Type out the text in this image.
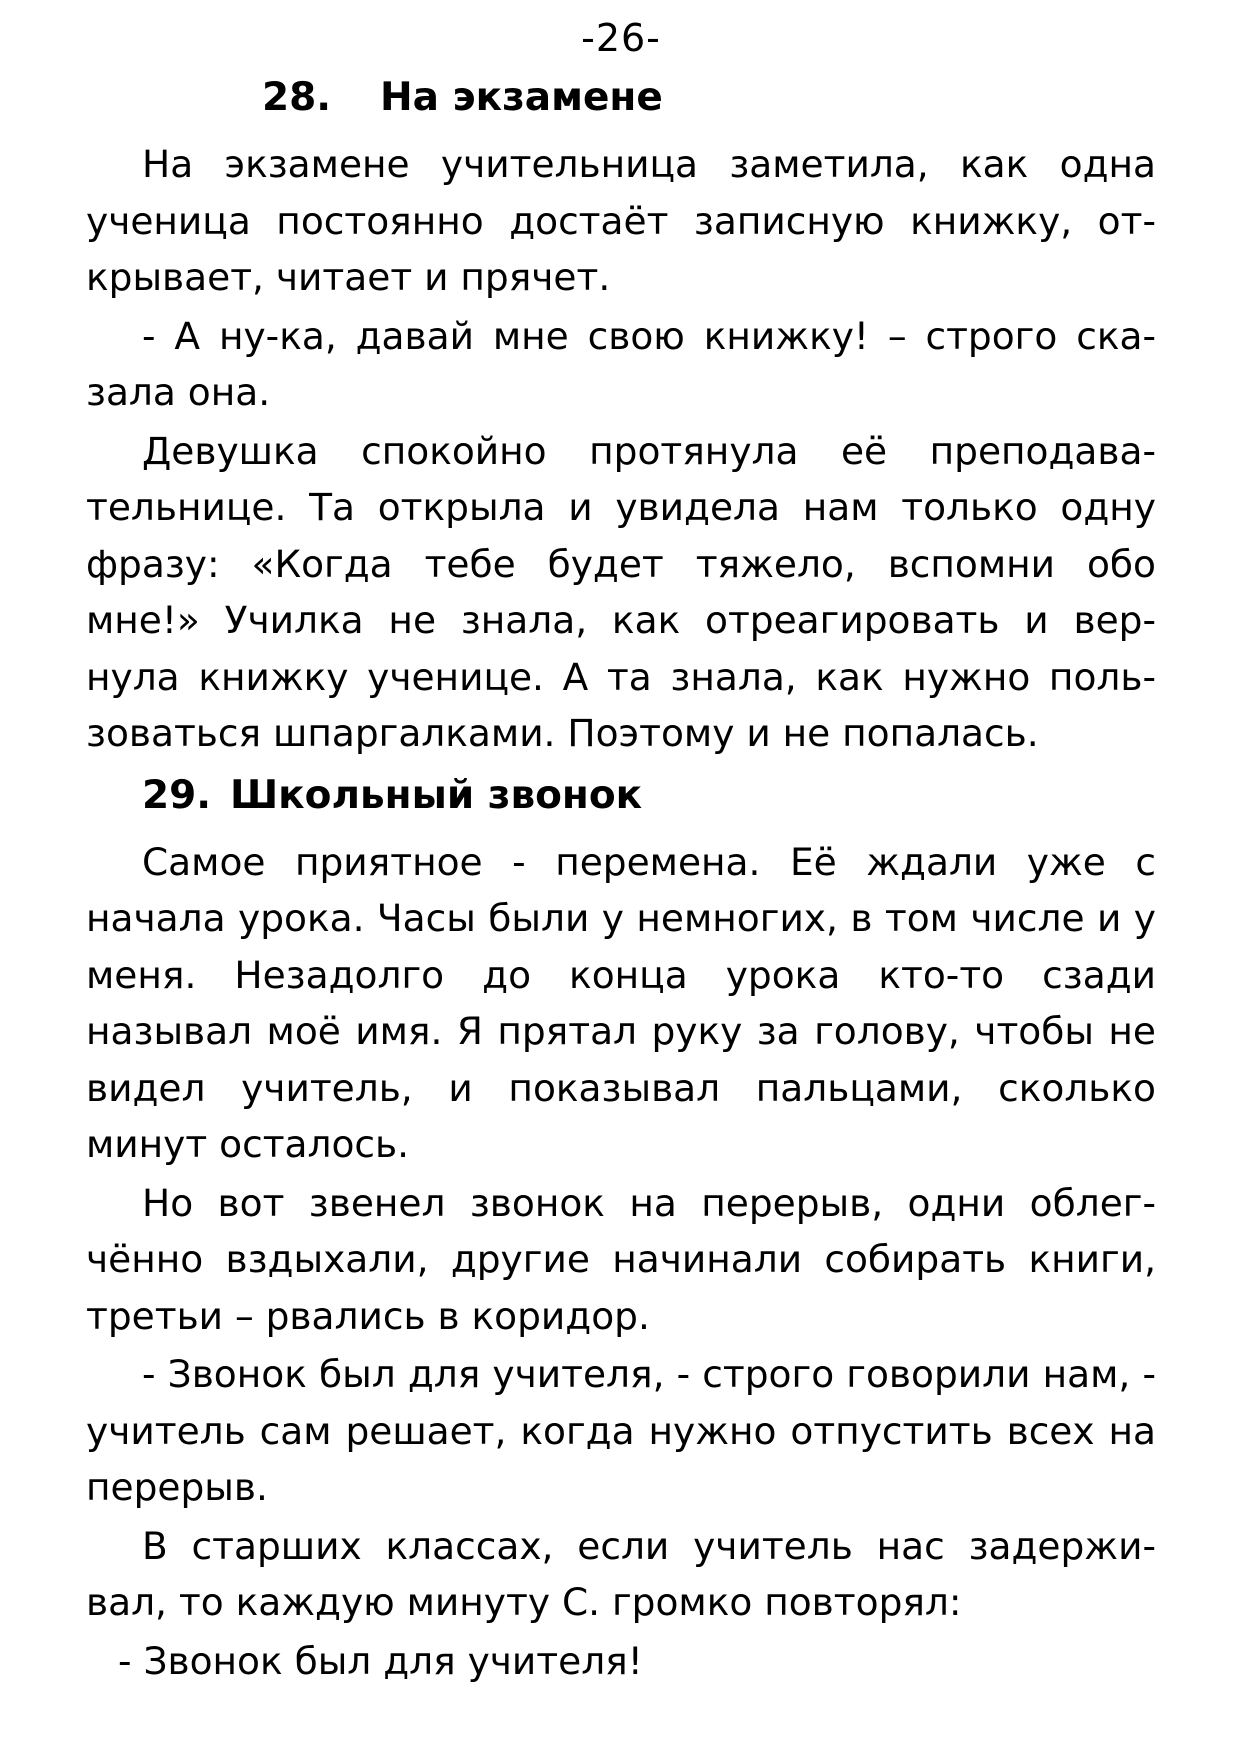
-26-
28. На экзамене

На экзамене учительница заметила, как одна ученица постоянно достаёт записную книжку, от-крывает, читает и прячет.

- А ну-ка, давай мне свою книжку! – строго ска-зала она.

Девушка спокойно протянула её преподава-тельнице. Та открыла и увидела нам только одну фразу: «Когда тебе будет тяжело, вспомни обо мне!» Училка не знала, как отреагировать и вер-нула книжку ученице. А та знала, как нужно поль-зоваться шпаргалками. Поэтому и не попалась.

29. Школьный звонок

Самое приятное - перемена. Её ждали уже с начала урока. Часы были у немногих, в том числе и у меня. Незадолго до конца урока кто-то сзади называл моё имя. Я прятал руку за голову, чтобы не видел учитель, и показывал пальцами, сколько минут осталось.

Но вот звенел звонок на перерыв, одни облег-чённо вздыхали, другие начинали собирать книги, третьи – рвались в коридор.

- Звонок был для учителя, - строго говорили нам, - учитель сам решает, когда нужно отпустить всех на перерыв.

В старших классах, если учитель нас задержи-вал, то каждую минуту С. громко повторял:

- Звонок был для учителя!
